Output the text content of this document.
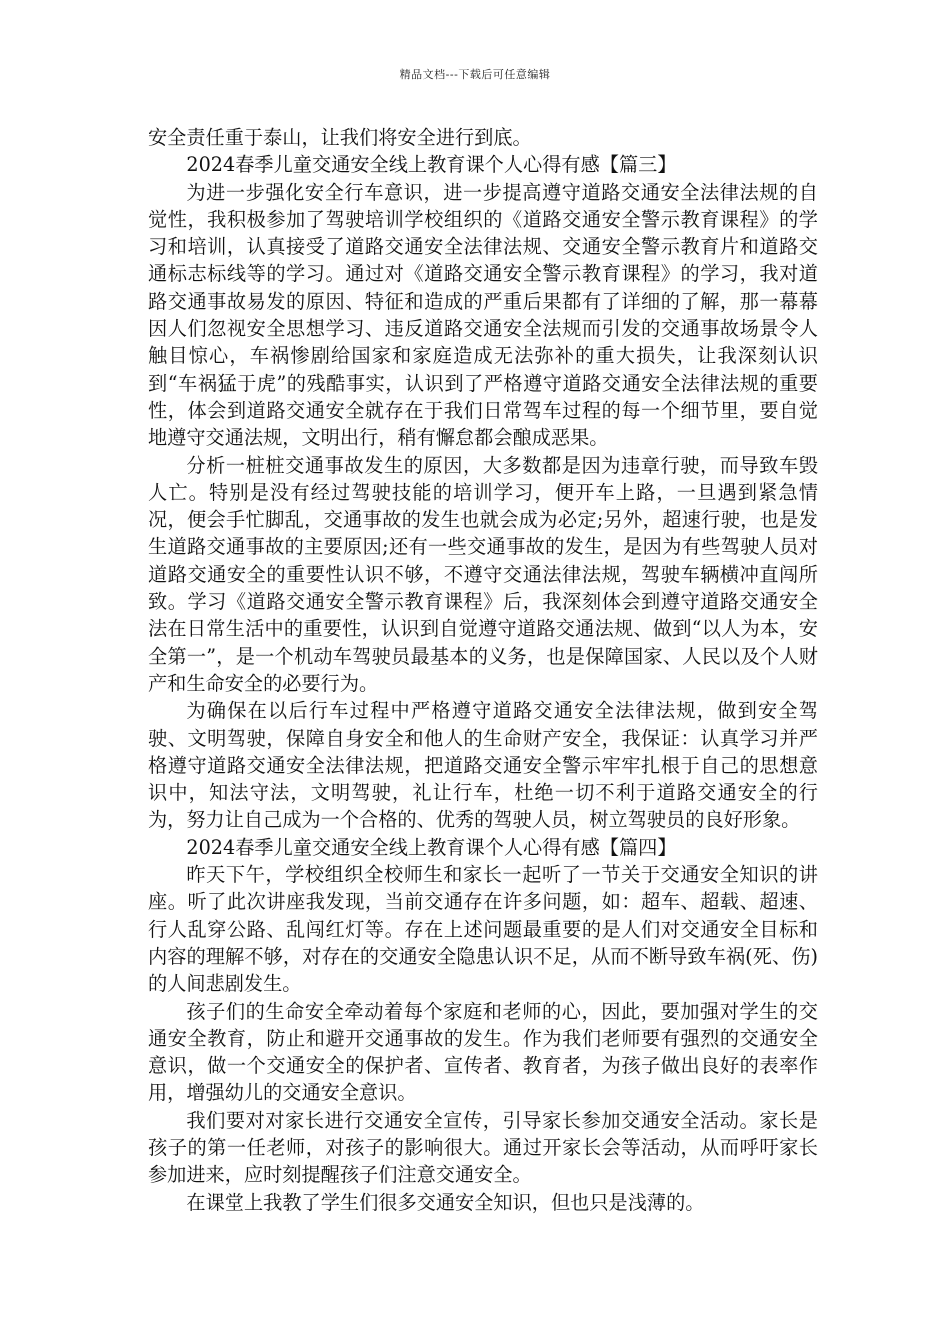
精品文档---下载后可任意编辑

安全责任重于泰山，让我们将安全进行到底。

2024春季儿童交通安全线上教育课个人心得有感【篇三】

为进一步强化安全行车意识，进一步提高遵守道路交通安全法律法规的自觉性，我积极参加了驾驶培训学校组织的《道路交通安全警示教育课程》的学习和培训，认真接受了道路交通安全法律法规、交通安全警示教育片和道路交通标志标线等的学习。通过对《道路交通安全警示教育课程》的学习，我对道路交通事故易发的原因、特征和造成的严重后果都有了详细的了解，那一幕幕因人们忽视安全思想学习、违反道路交通安全法规而引发的交通事故场景令人触目惊心，车祸惨剧给国家和家庭造成无法弥补的重大损失，让我深刻认识到“车祸猛于虎”的残酷事实，认识到了严格遵守道路交通安全法律法规的重要性，体会到道路交通安全就存在于我们日常驾车过程的每一个细节里，要自觉地遵守交通法规，文明出行，稍有懈怠都会酿成恶果。

分析一桩桩交通事故发生的原因，大多数都是因为违章行驶，而导致车毁人亡。特别是没有经过驾驶技能的培训学习，便开车上路，一旦遇到紧急情况，便会手忙脚乱，交通事故的发生也就会成为必定;另外，超速行驶，也是发生道路交通事故的主要原因;还有一些交通事故的发生，是因为有些驾驶人员对道路交通安全的重要性认识不够，不遵守交通法律法规，驾驶车辆横冲直闯所致。学习《道路交通安全警示教育课程》后，我深刻体会到遵守道路交通安全法在日常生活中的重要性，认识到自觉遵守道路交通法规、做到“以人为本，安全第一”，是一个机动车驾驶员最基本的义务，也是保障国家、人民以及个人财产和生命安全的必要行为。

为确保在以后行车过程中严格遵守道路交通安全法律法规，做到安全驾驶、文明驾驶，保障自身安全和他人的生命财产安全，我保证：认真学习并严格遵守道路交通安全法律法规，把道路交通安全警示牢牢扎根于自己的思想意识中，知法守法，文明驾驶，礼让行车，杜绝一切不利于道路交通安全的行为，努力让自己成为一个合格的、优秀的驾驶人员，树立驾驶员的良好形象。

2024春季儿童交通安全线上教育课个人心得有感【篇四】

昨天下午，学校组织全校师生和家长一起听了一节关于交通安全知识的讲座。听了此次讲座我发现，当前交通存在许多问题，如：超车、超载、超速、行人乱穿公路、乱闯红灯等。存在上述问题最重要的是人们对交通安全目标和内容的理解不够，对存在的交通安全隐患认识不足，从而不断导致车祸(死、伤)的人间悲剧发生。

孩子们的生命安全牵动着每个家庭和老师的心，因此，要加强对学生的交通安全教育，防止和避开交通事故的发生。作为我们老师要有强烈的交通安全意识，做一个交通安全的保护者、宣传者、教育者，为孩子做出良好的表率作用，增强幼儿的交通安全意识。

我们要对对家长进行交通安全宣传，引导家长参加交通安全活动。家长是孩子的第一任老师，对孩子的影响很大。通过开家长会等活动，从而呼吁家长参加进来，应时刻提醒孩子们注意交通安全。

在课堂上我教了学生们很多交通安全知识，但也只是浅薄的。
